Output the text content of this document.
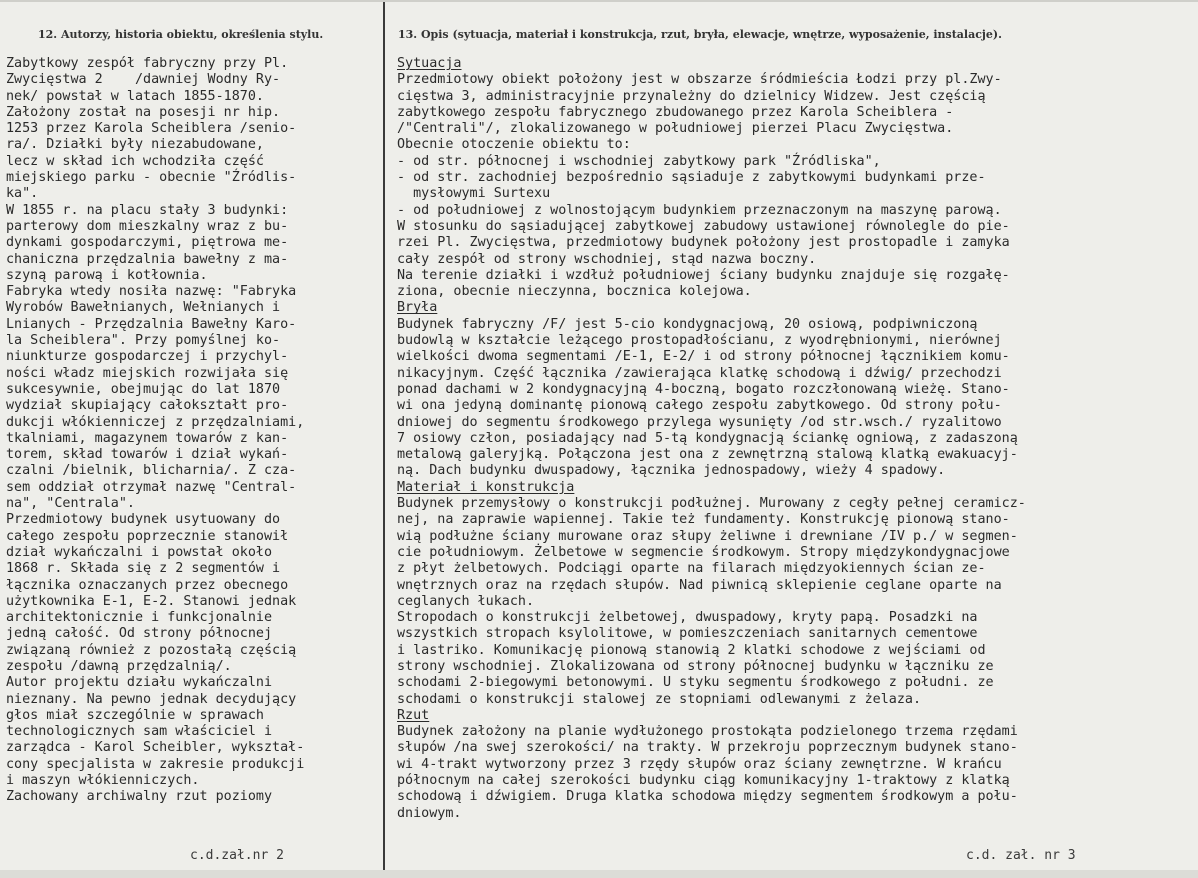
12. Autorzy, historia obiektu, określenia stylu.	13. Opis (sytuacja, materiał i konstrukcja, rzut, bryła, elewacje, wnętrze, wyposażenie, instalacje).
Zabytkowy zespół fabryczny przy Pl.
Zwycięstwa 2    /dawniej Wodny Ry-
nek/ powstał w latach 1855-1870.
Założony został na posesji nr hip.
1253 przez Karola Scheiblera /senio-
ra/. Działki były niezabudowane,
lecz w skład ich wchodziła część
miejskiego parku - obecnie "Źródlis-
ka".
W 1855 r. na placu stały 3 budynki:
parterowy dom mieszkalny wraz z bu-
dynkami gospodarczymi, piętrowa me-
chaniczna przędzalnia bawełny z ma-
szyną parową i kotłownia.
Fabryka wtedy nosiła nazwę: "Fabryka
Wyrobów Bawełnianych, Wełnianych i
Lnianych - Przędzalnia Bawełny Karo-
la Scheiblera". Przy pomyślnej ko-
niunkturze gospodarczej i przychyl-
ności władz miejskich rozwijała się
sukcesywnie, obejmując do lat 1870
wydział skupiający całokształt pro-
dukcji włókienniczej z przędzalniami,
tkalniami, magazynem towarów z kan-
torem, skład towarów i dział wykań-
czalni /bielnik, blicharnia/. Z cza-
sem oddział otrzymał nazwę "Central-
na", "Centrala".
Przedmiotowy budynek usytuowany do
całego zespołu poprzecznie stanowił
dział wykańczalni i powstał około
1868 r. Składa się z 2 segmentów i
łącznika oznaczanych przez obecnego
użytkownika E-1, E-2. Stanowi jednak
architektonicznie i funkcjonalnie
jedną całość. Od strony północnej
związaną również z pozostałą częścią
zespołu /dawną przędzalnią/.
Autor projektu działu wykańczalni
nieznany. Na pewno jednak decydujący
głos miał szczególnie w sprawach
technologicznych sam właściciel i
zarządca - Karol Scheibler, wykształ-
cony specjalista w zakresie produkcji
i maszyn włókienniczych.
Zachowany archiwalny rzut poziomy
Sytuacja
Przedmiotowy obiekt położony jest w obszarze śródmieścia Łodzi przy pl.Zwy-
cięstwa 3, administracyjnie przynależny do dzielnicy Widzew. Jest częścią
zabytkowego zespołu fabrycznego zbudowanego przez Karola Scheiblera -
/"Centrali"/, zlokalizowanego w południowej pierzei Placu Zwycięstwa.
Obecnie otoczenie obiektu to:
- od str. północnej i wschodniej zabytkowy park "Źródliska",
- od str. zachodniej bezpośrednio sąsiaduje z zabytkowymi budynkami prze-
mysłowymi Surtexu
- od południowej z wolnostojącym budynkiem przeznaczonym na maszynę parową.
W stosunku do sąsiadującej zabytkowej zabudowy ustawionej równolegle do pie-
rzei Pl. Zwycięstwa, przedmiotowy budynek położony jest prostopadle i zamyka
cały zespół od strony wschodniej, stąd nazwa boczny.
Na terenie działki i wzdłuż południowej ściany budynku znajduje się rozgałę-
ziona, obecnie nieczynna, bocznica kolejowa.
Bryła
Budynek fabryczny /F/ jest 5-cio kondygnacjową, 20 osiową, podpiwniczoną
budowlą w kształcie leżącego prostopadłościanu, z wyodrębnionymi, nierównej
wielkości dwoma segmentami /E-1, E-2/ i od strony północnej łącznikiem komu-
nikacyjnym. Część łącznika /zawierająca klatkę schodową i dźwig/ przechodzi
ponad dachami w 2 kondygnacyjną 4-boczną, bogato rozczłonowaną wieżę. Stano-
wi ona jedyną dominantę pionową całego zespołu zabytkowego. Od strony połu-
dniowej do segmentu środkowego przylega wysunięty /od str.wsch./ ryzalitowo
7 osiowy człon, posiadający nad 5-tą kondygnacją ściankę ogniową, z zadaszoną
metalową galeryjką. Połączona jest ona z zewnętrzną stalową klatką ewakuacyj-
ną. Dach budynku dwuspadowy, łącznika jednospadowy, wieży 4 spadowy.
Materiał i konstrukcja
Budynek przemysłowy o konstrukcji podłużnej. Murowany z cegły pełnej ceramicz-
nej, na zaprawie wapiennej. Takie też fundamenty. Konstrukcję pionową stano-
wią podłużne ściany murowane oraz słupy żeliwne i drewniane /IV p./ w segmen-
cie południowym. Żelbetowe w segmencie środkowym. Stropy międzykondygnacjowe
z płyt żelbetowych. Podciągi oparte na filarach międzyokiennych ścian ze-
wnętrznych oraz na rzędach słupów. Nad piwnicą sklepienie ceglane oparte na
ceglanych łukach.
Stropodach o konstrukcji żelbetowej, dwuspadowy, kryty papą. Posadzki na
wszystkich stropach ksylolitowe, w pomieszczeniach sanitarnych cementowe
i lastriko. Komunikację pionową stanowią 2 klatki schodowe z wejściami od
strony wschodniej. Zlokalizowana od strony północnej budynku w łączniku ze
schodami 2-biegowymi betonowymi. U styku segmentu środkowego z południ. ze
schodami o konstrukcji stalowej ze stopniami odlewanymi z żelaza.
Rzut
Budynek założony na planie wydłużonego prostokąta podzielonego trzema rzędami
słupów /na swej szerokości/ na trakty. W przekroju poprzecznym budynek stano-
wi 4-trakt wytworzony przez 3 rzędy słupów oraz ściany zewnętrzne. W krańcu
północnym na całej szerokości budynku ciąg komunikacyjny 1-traktowy z klatką
schodową i dźwigiem. Druga klatka schodowa między segmentem środkowym a połu-
dniowym.
c.d.zał.nr 2	c.d. zał. nr 3
